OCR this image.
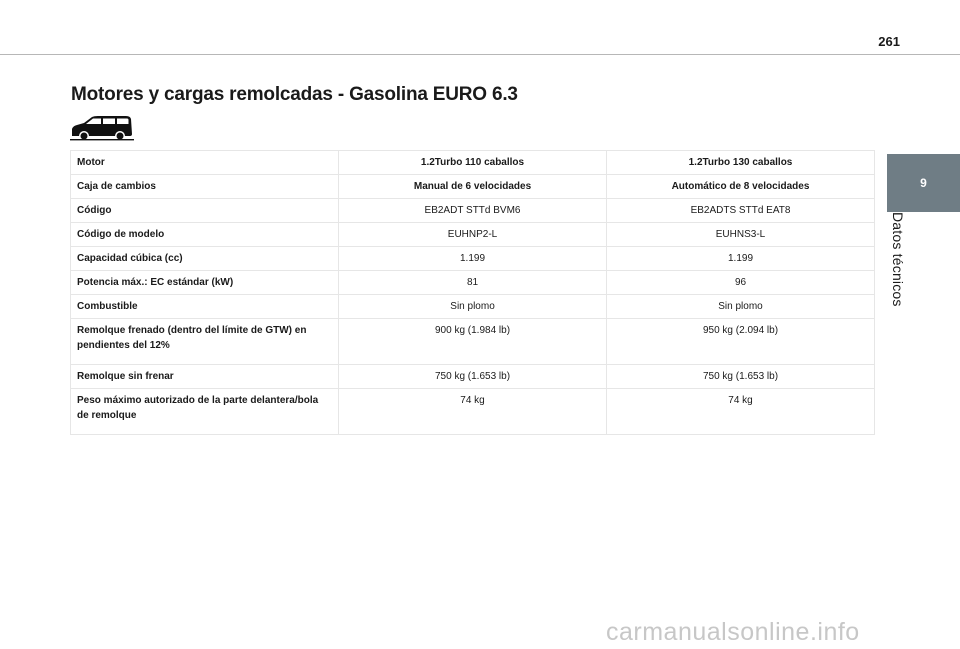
261
Motores y cargas remolcadas - Gasolina EURO 6.3
Motor	1.2Turbo 110 caballos	1.2Turbo 130 caballos
Caja de cambios	Manual de 6 velocidades	Automático de 8 velocidades
Código	EB2ADT STTd BVM6	EB2ADTS STTd EAT8
Código de modelo	EUHNP2-L	EUHNS3-L
Capacidad cúbica (cc)	1.199	1.199
Potencia máx.: EC estándar (kW)	81	96
Combustible	Sin plomo	Sin plomo
Remolque frenado (dentro del límite de GTW) en pendientes del 12%	900 kg (1.984 lb)	950 kg (2.094 lb)
Remolque sin frenar	750 kg (1.653 lb)	750 kg (1.653 lb)
Peso máximo autorizado de la parte delantera/bola de remolque	74 kg	74 kg
9
Datos técnicos
carmanualsonline.info
